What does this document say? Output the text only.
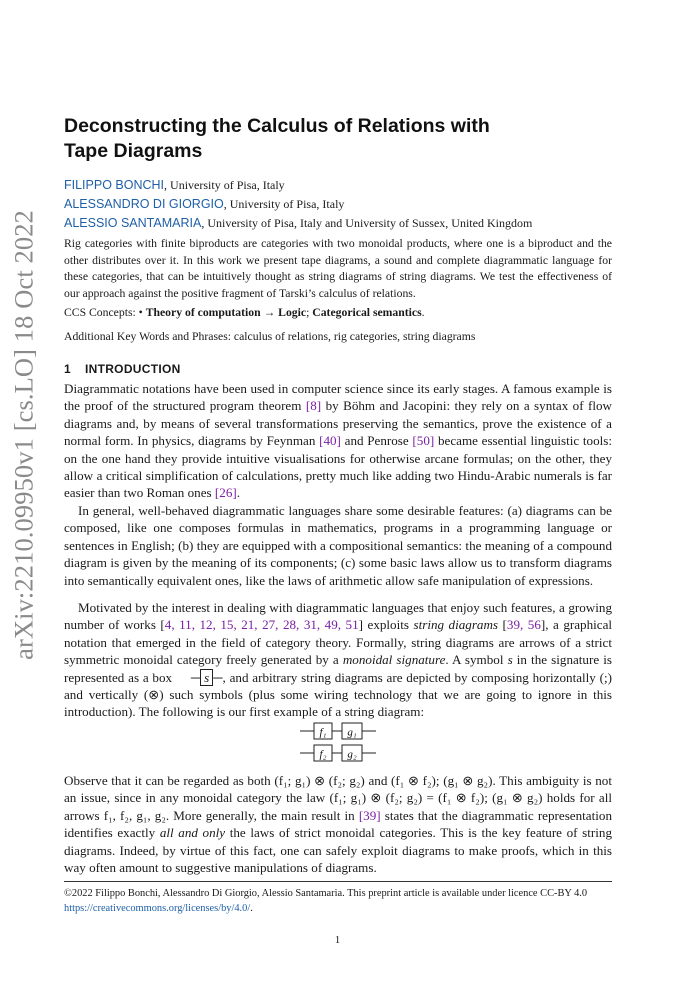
arXiv:2210.09950v1 [cs.LO] 18 Oct 2022
Deconstructing the Calculus of Relations with Tape Diagrams
FILIPPO BONCHI, University of Pisa, Italy
ALESSANDRO DI GIORGIO, University of Pisa, Italy
ALESSIO SANTAMARIA, University of Pisa, Italy and University of Sussex, United Kingdom

Rig categories with finite biproducts are categories with two monoidal products, where one is a biproduct and the other distributes over it. In this work we present tape diagrams, a sound and complete diagrammatic language for these categories, that can be intuitively thought as string diagrams of string diagrams. We test the effectiveness of our approach against the positive fragment of Tarski’s calculus of relations.

CCS Concepts: • Theory of computation → Logic; Categorical semantics.

Additional Key Words and Phrases: calculus of relations, rig categories, string diagrams

1 INTRODUCTION

Diagrammatic notations have been used in computer science since its early stages. A famous example is the proof of the structured program theorem [8] by Böhm and Jacopini: they rely on a syntax of flow diagrams and, by means of several transformations preserving the semantics, prove the existence of a normal form. In physics, diagrams by Feynman [40] and Penrose [50] became essential linguistic tools: on the one hand they provide intuitive visualisations for otherwise arcane formulas; on the other, they allow a critical simplification of calculations, pretty much like adding two Hindu-Arabic numerals is far easier than two Roman ones [26].

In general, well-behaved diagrammatic languages share some desirable features: (a) diagrams can be composed, like one composes formulas in mathematics, programs in a programming language or sentences in English; (b) they are equipped with a compositional semantics: the meaning of a compound diagram is given by the meaning of its components; (c) some basic laws allow us to transform diagrams into semantically equivalent ones, like the laws of arithmetic allow safe manipulation of expressions.

Motivated by the interest in dealing with diagrammatic languages that enjoy such features, a growing number of works [4, 11, 12, 15, 21, 27, 28, 31, 49, 51] exploits string diagrams [39, 56], a graphical notation that emerged in the field of category theory. Formally, string diagrams are arrows of a strict symmetric monoidal category freely generated by a monoidal signature. A symbol s in the signature is represented as a box ─ s ─, and arbitrary string diagrams are depicted by composing horizontally (;) and vertically (⊗) such symbols (plus some wiring technology that we are going to ignore in this introduction). The following is our first example of a string diagram:

f₁ g₁
f₂ g₂

Observe that it can be regarded as both (f₁; g₁) ⊗ (f₂; g₂) and (f₁ ⊗ f₂); (g₁ ⊗ g₂). This ambiguity is not an issue, since in any monoidal category the law (f₁; g₁) ⊗ (f₂; g₂) = (f₁ ⊗ f₂); (g₁ ⊗ g₂) holds for all arrows f₁, f₂, g₁, g₂. More generally, the main result in [39] states that the diagrammatic representation identifies exactly all and only the laws of strict monoidal categories. This is the key feature of string diagrams. Indeed, by virtue of this fact, one can safely exploit diagrams to make proofs, which in this way often amount to suggestive manipulations of diagrams.

©2022 Filippo Bonchi, Alessandro Di Giorgio, Alessio Santamaria. This preprint article is available under licence CC-BY 4.0
https://creativecommons.org/licenses/by/4.0/.
1
